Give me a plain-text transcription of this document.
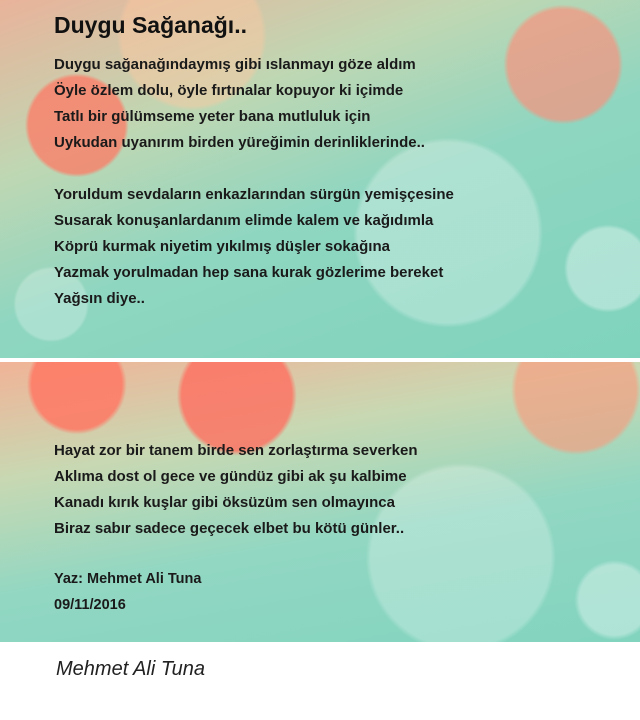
Duygu Sağanağı..
Duygu sağanağındaymış gibi ıslanmayı göze aldım
Öyle özlem dolu, öyle fırtınalar kopuyor ki içimde
Tatlı bir gülümseme yeter bana mutluluk için
Uykudan uyanırım birden yüreğimin derinliklerinde..
Yoruldum sevdaların enkazlarından sürgün yemişçesine
Susarak konuşanlardanım elimde kalem ve kağıdımla
Köprü kurmak niyetim yıkılmış düşler sokağına
Yazmak yorulmadan hep sana kurak gözlerime bereket
Yağsın diye..
Hayat zor bir tanem birde sen zorlaştırma severken
Aklıma dost ol gece ve gündüz gibi ak şu kalbime
Kanadı kırık kuşlar gibi öksüzüm sen olmayınca
Biraz sabır sadece geçecek elbet bu kötü günler..
Yaz: Mehmet Ali Tuna
09/11/2016
Mehmet Ali Tuna
